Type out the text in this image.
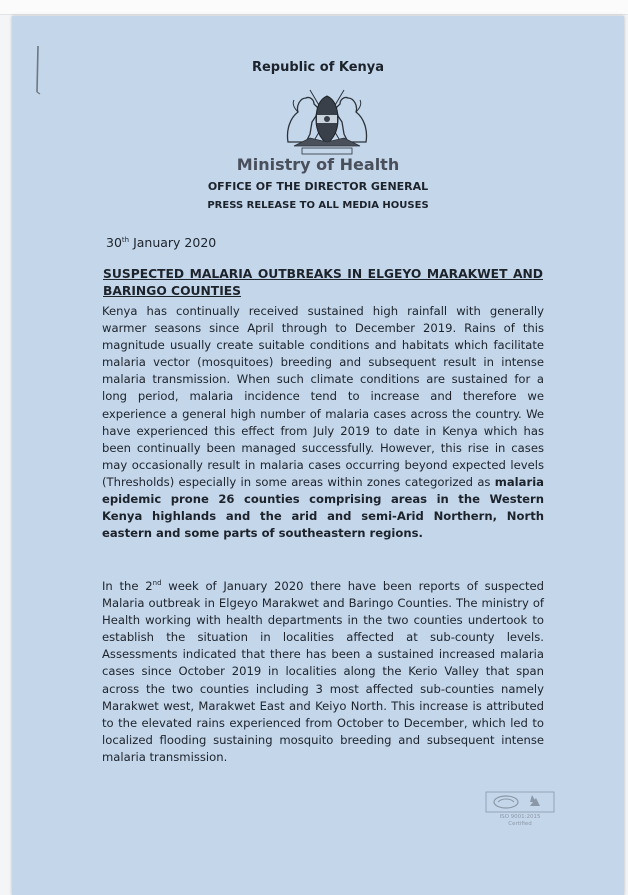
Republic of Kenya
Ministry of Health
OFFICE OF THE DIRECTOR GENERAL
PRESS RELEASE TO ALL MEDIA HOUSES
30th January 2020
SUSPECTED MALARIA OUTBREAKS IN ELGEYO MARAKWET AND BARINGO COUNTIES

Kenya has continually received sustained high rainfall with generally warmer seasons since April through to December 2019. Rains of this magnitude usually create suitable conditions and habitats which facilitate malaria vector (mosquitoes) breeding and subsequent result in intense malaria transmission. When such climate conditions are sustained for a long period, malaria incidence tend to increase and therefore we experience a general high number of malaria cases across the country. We have experienced this effect from July 2019 to date in Kenya which has been continually been managed successfully. However, this rise in cases may occasionally result in malaria cases occurring beyond expected levels (Thresholds) especially in some areas within zones categorized as malaria epidemic prone 26 counties comprising areas in the Western Kenya highlands and the arid and semi-Arid Northern, North eastern and some parts of southeastern regions.

In the 2nd week of January 2020 there have been reports of suspected Malaria outbreak in Elgeyo Marakwet and Baringo Counties. The ministry of Health working with health departments in the two counties undertook to establish the situation in localities affected at sub-county levels. Assessments indicated that there has been a sustained increased malaria cases since October 2019 in localities along the Kerio Valley that span across the two counties including 3 most affected sub-counties namely Marakwet west, Marakwet East and Keiyo North. This increase is attributed to the elevated rains experienced from October to December, which led to localized flooding sustaining mosquito breeding and subsequent intense malaria transmission.

ISO 9001:2015
Certified
